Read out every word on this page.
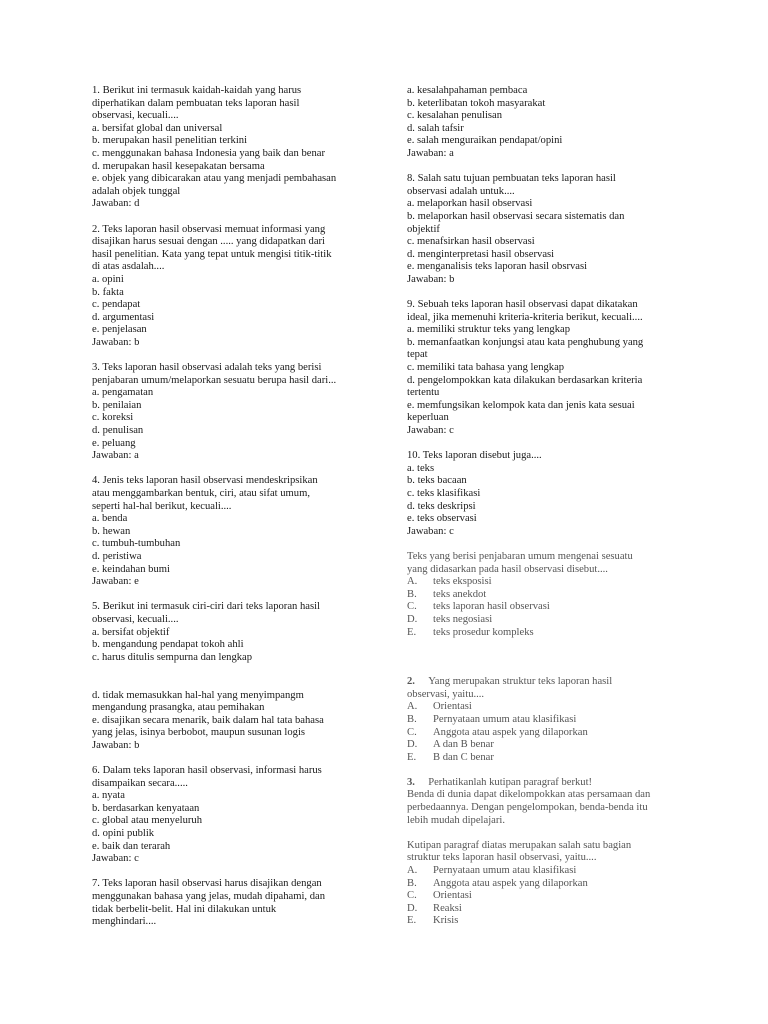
1. Berikut ini termasuk kaidah-kaidah yang harus
diperhatikan dalam pembuatan teks laporan hasil
observasi, kecuali....
a. bersifat global dan universal
b. merupakan hasil penelitian terkini
c. menggunakan bahasa Indonesia yang baik dan benar
d. merupakan hasil kesepakatan bersama
e. objek yang dibicarakan atau yang menjadi pembahasan
adalah objek tunggal
Jawaban: d
2. Teks laporan hasil observasi memuat informasi yang
disajikan harus sesuai dengan ..... yang didapatkan dari
hasil penelitian. Kata yang tepat untuk mengisi titik-titik
di atas asdalah....
a. opini
b. fakta
c. pendapat
d. argumentasi
e. penjelasan
Jawaban: b
3. Teks laporan hasil observasi adalah teks yang berisi
penjabaran umum/melaporkan sesuatu berupa hasil dari...
a. pengamatan
b. penilaian
c. koreksi
d. penulisan
e. peluang
Jawaban: a
4. Jenis teks laporan hasil observasi mendeskripsikan
atau menggambarkan bentuk, ciri, atau sifat umum,
seperti hal-hal berikut, kecuali....
a. benda
b. hewan
c. tumbuh-tumbuhan
d. peristiwa
e. keindahan bumi
Jawaban: e
5. Berikut ini termasuk ciri-ciri dari teks laporan hasil
observasi, kecuali....
a. bersifat objektif
b. mengandung pendapat tokoh ahli
c. harus ditulis sempurna dan lengkap

d. tidak memasukkan hal-hal yang menyimpangm
mengandung prasangka, atau pemihakan
e. disajikan secara menarik, baik dalam hal tata bahasa
yang jelas, isinya berbobot, maupun susunan logis
Jawaban: b
6. Dalam teks laporan hasil observasi, informasi harus
disampaikan secara.....
a. nyata
b. berdasarkan kenyataan
c. global atau menyeluruh
d. opini publik
e. baik dan terarah
Jawaban: c
7. Teks laporan hasil observasi harus disajikan dengan
menggunakan bahasa yang jelas, mudah dipahami, dan
tidak berbelit-belit. Hal ini dilakukan untuk
menghindari....
a. kesalahpahaman pembaca
b. keterlibatan tokoh masyarakat
c. kesalahan penulisan
d. salah tafsir
e. salah menguraikan pendapat/opini
Jawaban: a
8. Salah satu tujuan pembuatan teks laporan hasil
observasi adalah untuk....
a. melaporkan hasil observasi
b. melaporkan hasil observasi secara sistematis dan
objektif
c. menafsirkan hasil observasi
d. menginterpretasi hasil observasi
e. menganalisis teks laporan hasil obsrvasi
Jawaban: b
9. Sebuah teks laporan hasil observasi dapat dikatakan
ideal, jika memenuhi kriteria-kriteria berikut, kecuali....
a. memiliki struktur teks yang lengkap
b. memanfaatkan konjungsi atau kata penghubung yang
tepat
c. memiliki tata bahasa yang lengkap
d. pengelompokkan kata dilakukan berdasarkan kriteria
tertentu
e. memfungsikan kelompok kata dan jenis kata sesuai
keperluan
Jawaban: c
10. Teks laporan disebut juga....
a. teks
b. teks bacaan
c. teks klasifikasi
d. teks deskripsi
e. teks observasi
Jawaban: c
Teks yang berisi penjabaran umum mengenai sesuatu
yang didasarkan pada hasil observasi disebut....
A. teks eksposisi
B. teks anekdot
C. teks laporan hasil observasi
D. teks negosiasi
E. teks prosedur kompleks
2. Yang merupakan struktur teks laporan hasil
observasi, yaitu....
A. Orientasi
B. Pernyataan umum atau klasifikasi
C. Anggota atau aspek yang dilaporkan
D. A dan B benar
E. B dan C benar
3. Perhatikanlah kutipan paragraf berkut!
Benda di dunia dapat dikelompokkan atas persamaan dan
perbedaannya. Dengan pengelompokan, benda-benda itu
lebih mudah dipelajari.
Kutipan paragraf diatas merupakan salah satu bagian
struktur teks laporan hasil observasi, yaitu....
A. Pernyataan umum atau klasifikasi
B. Anggota atau aspek yang dilaporkan
C. Orientasi
D. Reaksi
E. Krisis
